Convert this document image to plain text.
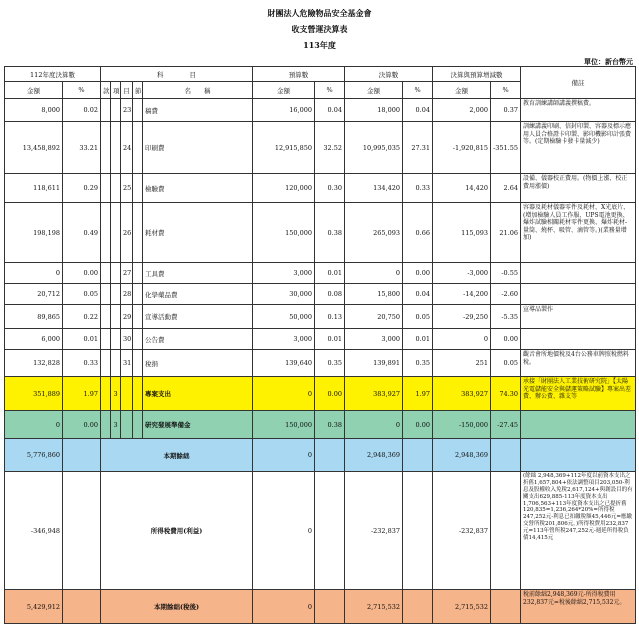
財團法人危險物品安全基金會
收支營運決算表
113年度
單位：新台幣元
112年度決算數		科　　　　目					預算數		決算數		決算與預算增減數		備註
金額	%	款	項	目	節	名　　稱	金額	%	金額	%	金額	%	
8,000	0.02			23		稿費	16,000	0.04	18,000	0.04	2,000	0.37	教育訓練講師講義撰稿費。
13,458,892	33.21			24		印刷費	12,915,850	32.52	10,995,035	27.31	-1,920,815	-351.55	訓練講義印刷、信封印製、容器及標示應用人員合格證卡印製、影印機影印計張費等。(定期檢驗卡發卡量減少)
118,611	0.29			25		檢驗費	120,000	0.30	134,420	0.33	14,420	2.64	設備、儀器校正費用。(物價上漲、校正費用漲價)
198,198	0.49			26		耗材費	150,000	0.38	265,093	0.66	115,093	21.06	容器及耗材儀器零件及耗材、X光底片、(增加檢驗人員工作服、UPS電池更換、爆炸試驗相關耗材零件更換、爆炸耗材-量筒、燒杯、吸管、滴管等。)(業務量增加)
0	0.00			27		工具費	3,000	0.01	0	0.00	-3,000	-0.55	
20,712	0.05			28		化學藥品費	30,000	0.08	15,800	0.04	-14,200	-2.60	
89,865	0.22			29		宣導活動費	50,000	0.13	20,750	0.05	-29,250	-5.35	宣導品製作
6,000	0.01			30		公告費	3,000	0.01	3,000	0.01	0	0.00	
132,828	0.33			31		稅捐	139,640	0.35	139,891	0.35	251	0.05	觀音會所地價稅及4台公務車牌照稅燃料稅。
351,889	1.97		3			專案支出	0	0.00	383,927	1.97	383,927	74.30	承接「財團法人工業技術研究院」【太陽光電儲能安全與儲運策略試驗】專案出差費、辦公費、雜支等
0	0.00		3			研究發展準備金	150,000	0.38	0	0.00	-150,000	-27.45	
5,776,860		本期餘絀					0		2,948,369		2,948,369		
-346,948		所得稅費用(利益)					0		-232,837		-232,837		(餘絀 2,948,369+112年度以前資本支出之折舊1,657,804+依法調整項目203,050-利息及股權收入免稅2,617,124+與創設目的有關支出629,885-113年度資本支出1,706,563+113年度資本支出之已提折舊120,835=1,236,264*20%=所得稅247,252元-利息已扣繳稅額45,446元=應繳交營所稅201,806元。)所得稅費用232,837元=113年營所稅247,252元-週延所得稅負債14,415元
5,429,912		本期餘絀(稅後)					0		2,715,532		2,715,532		稅前餘絀2,948,369元-所得稅費用232,837元=稅後餘絀2,715,532元。
